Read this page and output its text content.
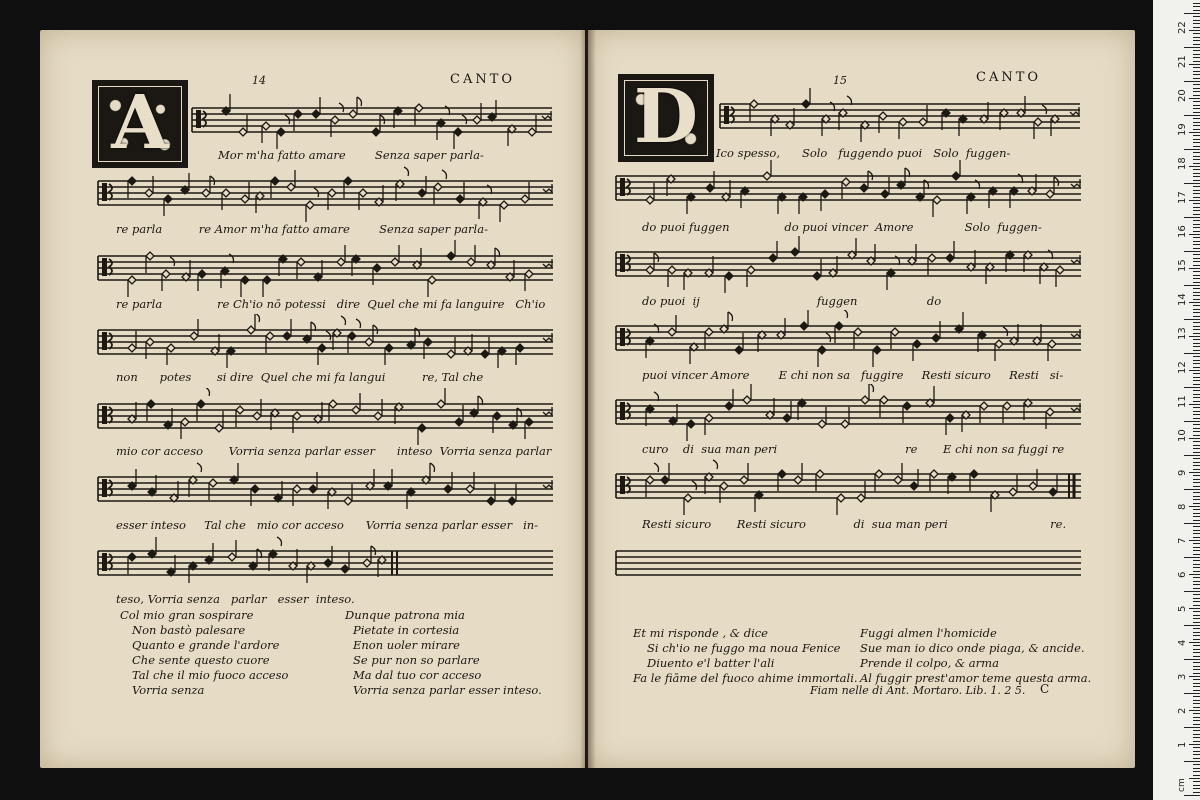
14	CANTO
A	Mor m'ha fatto amare        Senza saper parla-
re parla          re Amor m'ha fatto amare        Senza saper parla-
re parla               re Ch'io nō potessi   dire  Quel che mi fa languire   Ch'io
non      potes       si dire  Quel che mi fa langui          re, Tal che
mio cor acceso       Vorria senza parlar esser      inteso  Vorria senza parlar
esser inteso     Tal che   mio cor acceso      Vorria senza parlar esser   in-
teso, Vorria senza   parlar   esser  inteso.
Col mio gran sospirare
Non bastò palesare
Quanto e grande l'ardore
Che sente questo cuore
Tal che il mio fuoco acceso
Vorria senza
Dunque patrona mia
Pietate in cortesia
Enon uoler mirare
Se pur non so parlare
Ma dal tuo cor acceso
Vorria senza parlar esser inteso.
15	CANTO
D	Ico spesso,      Solo   fuggendo puoi   Solo  fuggen-
do puoi fuggen               do puoi vincer  Amore              Solo  fuggen-
do puoi  ij                                fuggen                   do
puoi vincer Amore        E chi non sa   fuggire     Resti sicuro     Resti   si-
curo    di  sua man peri                                   re       E chi non sa fuggi re
Resti sicuro       Resti sicuro             di  sua man peri                            re.
Et mi risponde , & dice
Si ch'io ne fuggo ma noua Fenice
Diuento e'l batter l'ali
Fa le fiāme del fuoco ahime immortali.
Fuggi almen l'homicide
Sue man io dico onde piaga, & ancide.
Prende il colpo, & arma
Al fuggir prest'amor teme questa arma.
Fiam nelle di Ant. Mortaro. Lib. 1. 2 5. C
cm
1
2
3
4
5
6
7
8
9
10
11
12
13
14
15
16
17
18
19
20
21
22
